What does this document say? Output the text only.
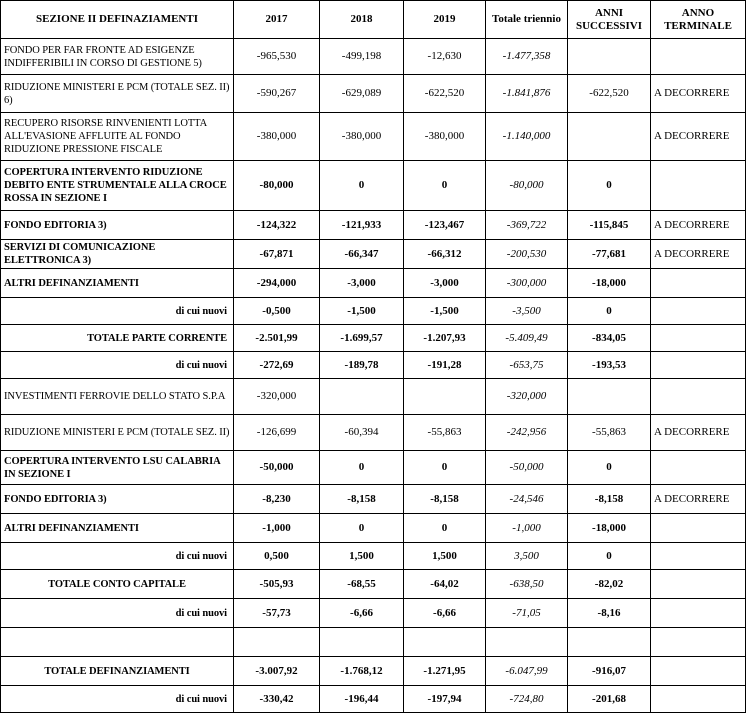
SEZIONE II DEFINAZIAMENTI	2017	2018	2019	Totale triennio	ANNI SUCCESSIVI	ANNO TERMINALE
FONDO PER FAR FRONTE AD ESIGENZE INDIFFERIBILI IN CORSO DI GESTIONE 5)	-965,530	-499,198	-12,630	-1.477,358		
RIDUZIONE MINISTERI E PCM (TOTALE SEZ. II) 6)	-590,267	-629,089	-622,520	-1.841,876	-622,520	A DECORRERE
RECUPERO RISORSE RINVENIENTI LOTTA ALL'EVASIONE AFFLUITE AL FONDO RIDUZIONE PRESSIONE FISCALE	-380,000	-380,000	-380,000	-1.140,000		A DECORRERE
COPERTURA INTERVENTO RIDUZIONE DEBITO ENTE STRUMENTALE ALLA CROCE ROSSA IN SEZIONE I	-80,000	0	0	-80,000	0	
FONDO EDITORIA 3)	-124,322	-121,933	-123,467	-369,722	-115,845	A DECORRERE
SERVIZI DI COMUNICAZIONE ELETTRONICA 3)	-67,871	-66,347	-66,312	-200,530	-77,681	A DECORRERE
ALTRI DEFINANZIAMENTI	-294,000	-3,000	-3,000	-300,000	-18,000	
di cui nuovi	-0,500	-1,500	-1,500	-3,500	0	
TOTALE PARTE CORRENTE	-2.501,99	-1.699,57	-1.207,93	-5.409,49	-834,05	
di cui nuovi	-272,69	-189,78	-191,28	-653,75	-193,53	
INVESTIMENTI FERROVIE DELLO STATO S.P.A	-320,000			-320,000		
RIDUZIONE MINISTERI E PCM (TOTALE SEZ. II)	-126,699	-60,394	-55,863	-242,956	-55,863	A DECORRERE
COPERTURA INTERVENTO LSU CALABRIA IN SEZIONE I	-50,000	0	0	-50,000	0	
FONDO EDITORIA 3)	-8,230	-8,158	-8,158	-24,546	-8,158	A DECORRERE
ALTRI DEFINANZIAMENTI	-1,000	0	0	-1,000	-18,000	
di cui nuovi	0,500	1,500	1,500	3,500	0	
TOTALE CONTO CAPITALE	-505,93	-68,55	-64,02	-638,50	-82,02	
di cui nuovi	-57,73	-6,66	-6,66	-71,05	-8,16	

TOTALE DEFINANZIAMENTI	-3.007,92	-1.768,12	-1.271,95	-6.047,99	-916,07	
di cui nuovi	-330,42	-196,44	-197,94	-724,80	-201,68	
